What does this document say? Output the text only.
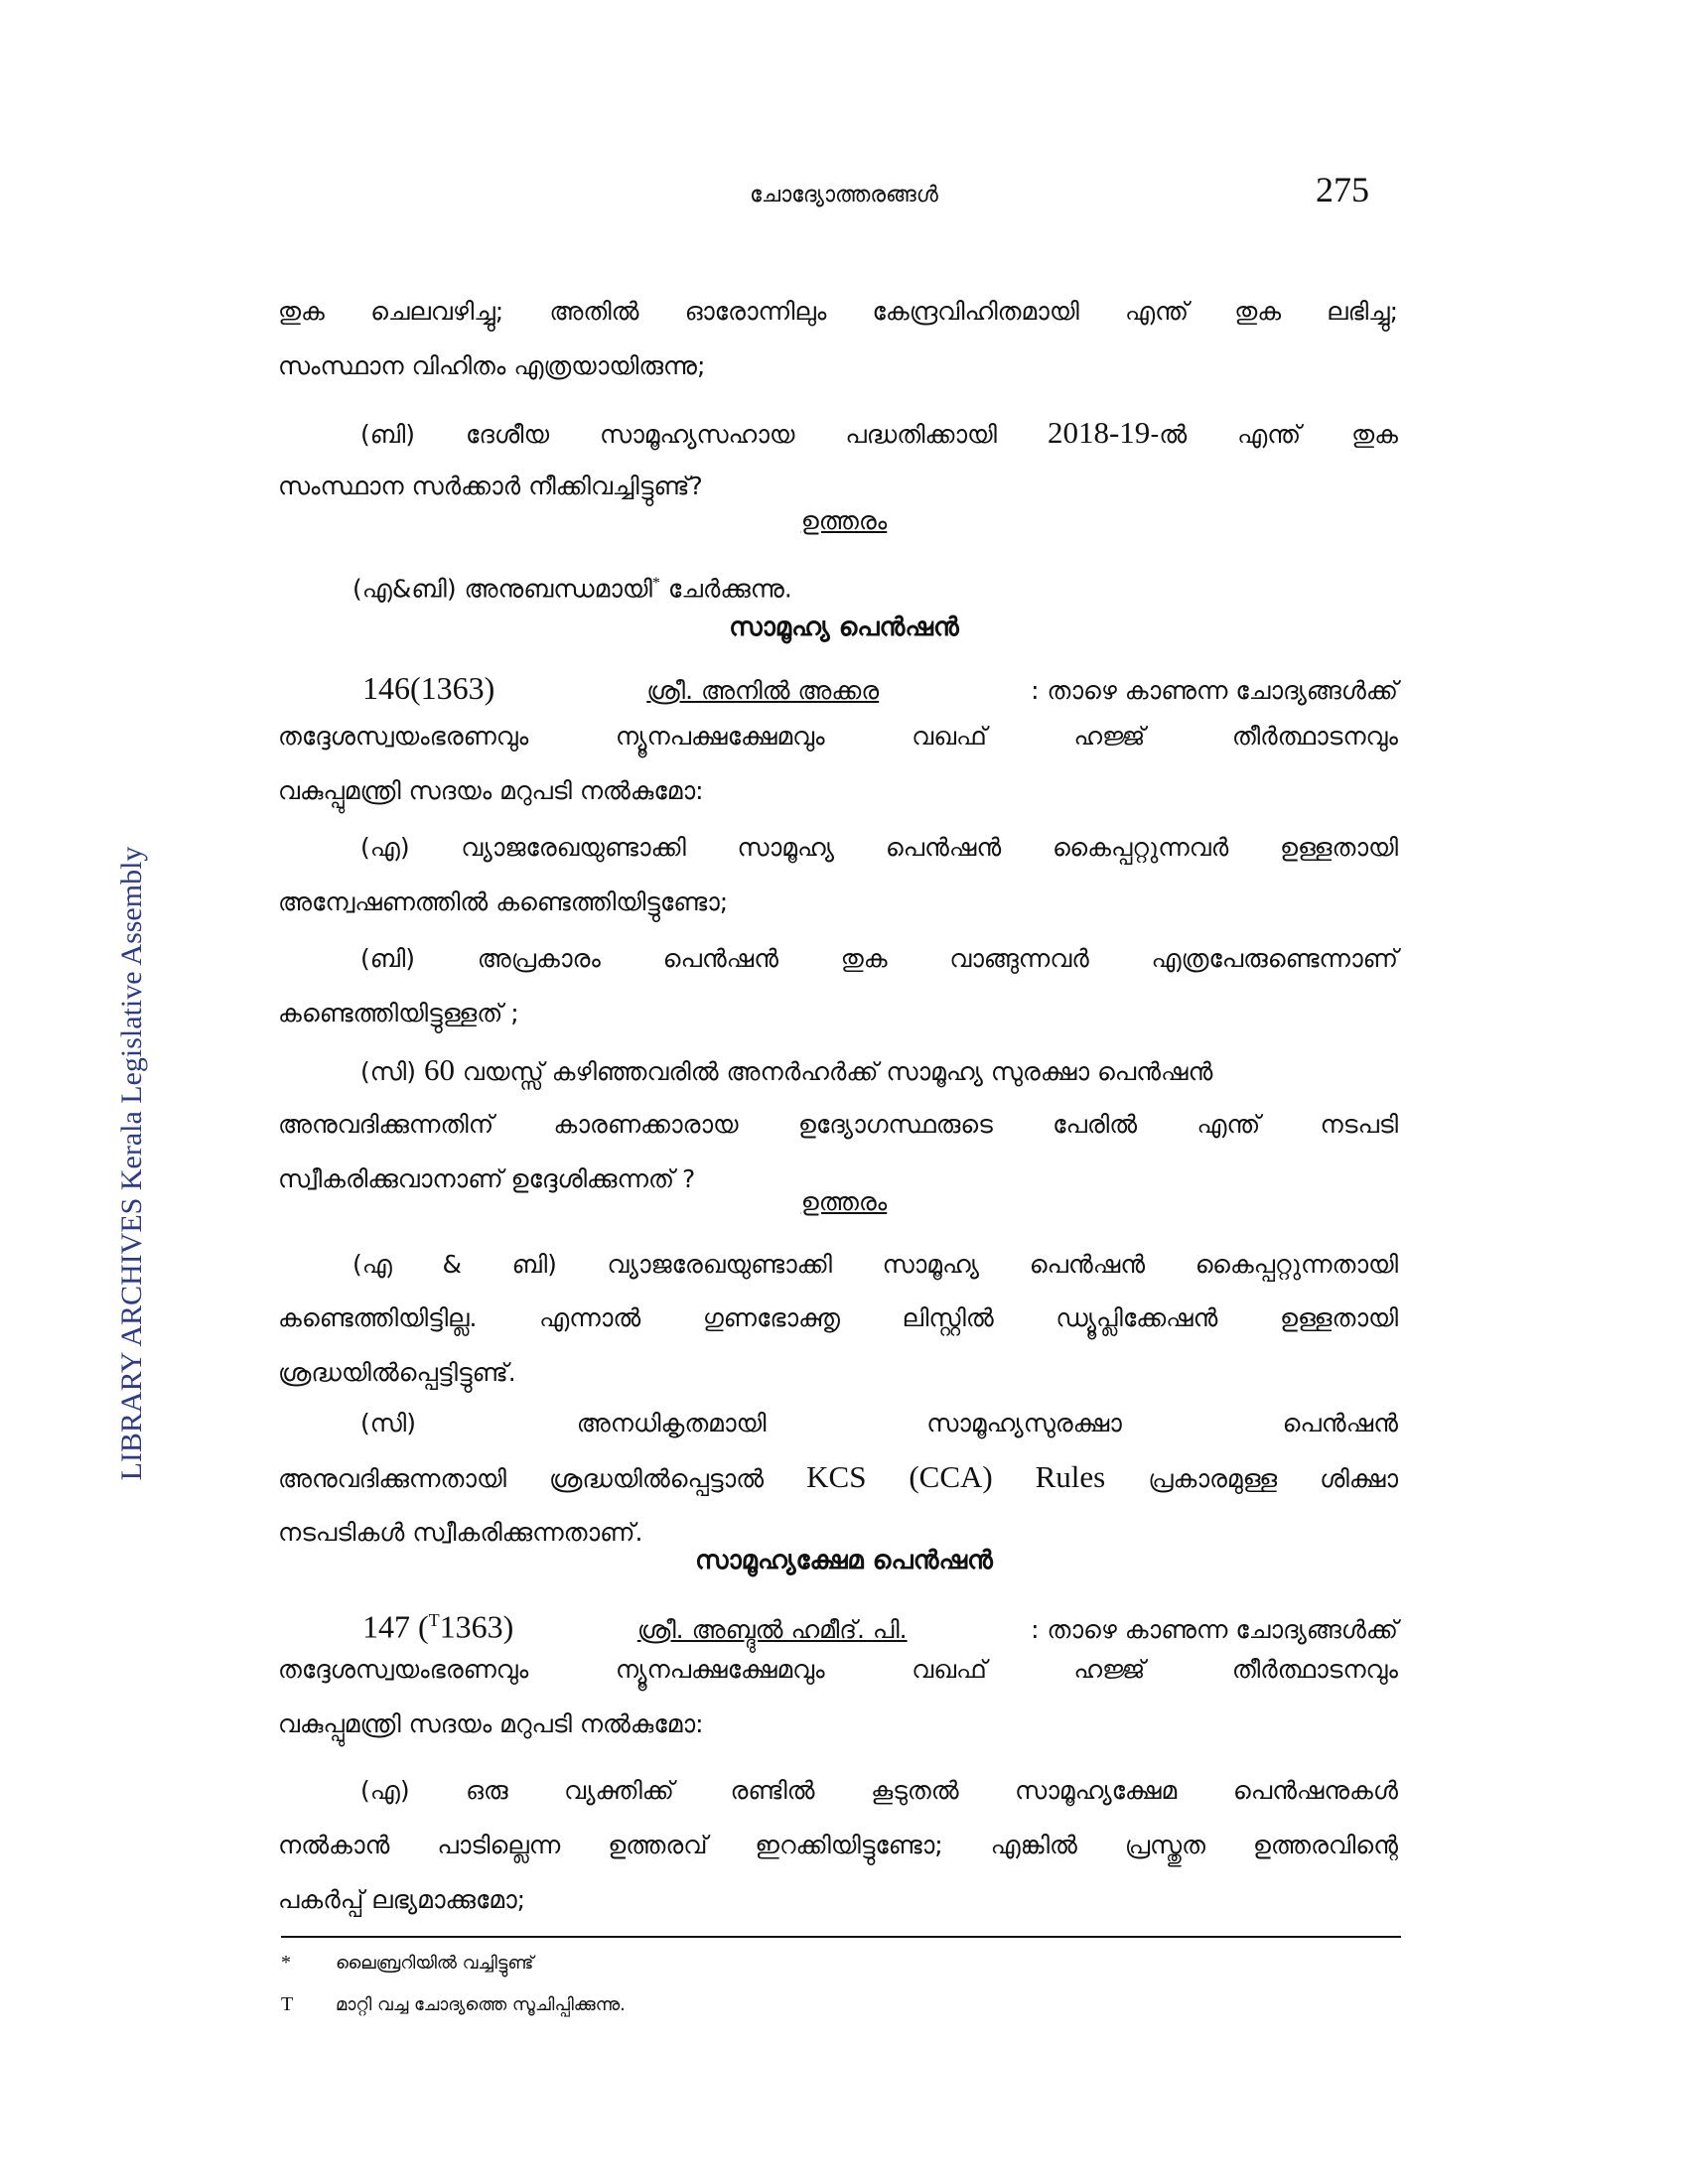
ചോദ്യോത്തരങ്ങൾ	275
LIBRARY ARCHIVES Kerala Legislative Assembly
തുക ചെലവഴിച്ചു; അതിൽ ഓരോന്നിലും കേന്ദ്രവിഹിതമായി എന്ത് തുക ലഭിച്ചു;
സംസ്ഥാന വിഹിതം എത്രയായിരുന്നു;
(ബി) ദേശീയ സാമൂഹ്യസഹായ പദ്ധതിക്കായി 2018-19-ൽ എന്ത് തുക
സംസ്ഥാന സർക്കാർ നീക്കിവച്ചിട്ടുണ്ട്?
ഉത്തരം
(എ&ബി) അനുബന്ധമായി* ചേർക്കുന്നു.
സാമൂഹ്യ പെൻഷൻ
146(1363)	ശ്രീ. അനിൽ അക്കര	: താഴെ കാണുന്ന ചോദ്യങ്ങൾക്ക്
തദ്ദേശസ്വയംഭരണവും ന്യൂനപക്ഷക്ഷേമവും വഖഫ് ഹജ്ജ് തീർത്ഥാടനവും
വകുപ്പുമന്ത്രി സദയം മറുപടി നൽകുമോ:
(എ) വ്യാജരേഖയുണ്ടാക്കി സാമൂഹ്യ പെൻഷൻ കൈപ്പറ്റുന്നവർ ഉള്ളതായി
അന്വേഷണത്തിൽ കണ്ടെത്തിയിട്ടുണ്ടോ;
(ബി) അപ്രകാരം പെൻഷൻ തുക വാങ്ങുന്നവർ എത്രപേരുണ്ടെന്നാണ്
കണ്ടെത്തിയിട്ടുള്ളത് ;
(സി) 60 വയസ്സ് കഴിഞ്ഞവരിൽ അനർഹർക്ക് സാമൂഹ്യ സുരക്ഷാ പെൻഷൻ
അനുവദിക്കുന്നതിന് കാരണക്കാരായ ഉദ്യോഗസ്ഥരുടെ പേരിൽ എന്ത് നടപടി
സ്വീകരിക്കുവാനാണ് ഉദ്ദേശിക്കുന്നത് ?
ഉത്തരം
(എ & ബി) വ്യാജരേഖയുണ്ടാക്കി സാമൂഹ്യ പെൻഷൻ കൈപ്പറ്റുന്നതായി
കണ്ടെത്തിയിട്ടില്ല. എന്നാൽ ഗുണഭോക്തൃ ലിസ്റ്റിൽ ഡ്യൂപ്ലിക്കേഷൻ ഉള്ളതായി
ശ്രദ്ധയിൽപ്പെട്ടിട്ടുണ്ട്.
(സി)	അനധികൃതമായി	സാമൂഹ്യസുരക്ഷാ	പെൻഷൻ
അനുവദിക്കുന്നതായി ശ്രദ്ധയിൽപ്പെട്ടാൽ KCS (CCA) Rules പ്രകാരമുള്ള ശിക്ഷാ
നടപടികൾ സ്വീകരിക്കുന്നതാണ്.
സാമൂഹ്യക്ഷേമ പെൻഷൻ
147 ($^T$1363)	ശ്രീ. അബ്ദുൽ ഹമീദ്. പി.	: താഴെ കാണുന്ന ചോദ്യങ്ങൾക്ക്
തദ്ദേശസ്വയംഭരണവും ന്യൂനപക്ഷക്ഷേമവും വഖഫ് ഹജ്ജ് തീർത്ഥാടനവും
വകുപ്പുമന്ത്രി സദയം മറുപടി നൽകുമോ:
(എ) ഒരു വ്യക്തിക്ക് രണ്ടിൽ കൂടുതൽ സാമൂഹ്യക്ഷേമ പെൻഷനുകൾ
നൽകാൻ പാടില്ലെന്ന ഉത്തരവ് ഇറക്കിയിട്ടുണ്ടോ; എങ്കിൽ പ്രസ്തുത ഉത്തരവിന്റെ
പകർപ്പ് ലഭ്യമാക്കുമോ;
*	ലൈബ്രറിയിൽ വച്ചിട്ടുണ്ട്
T മാറ്റി വച്ച ചോദ്യത്തെ സൂചിപ്പിക്കുന്നു.
